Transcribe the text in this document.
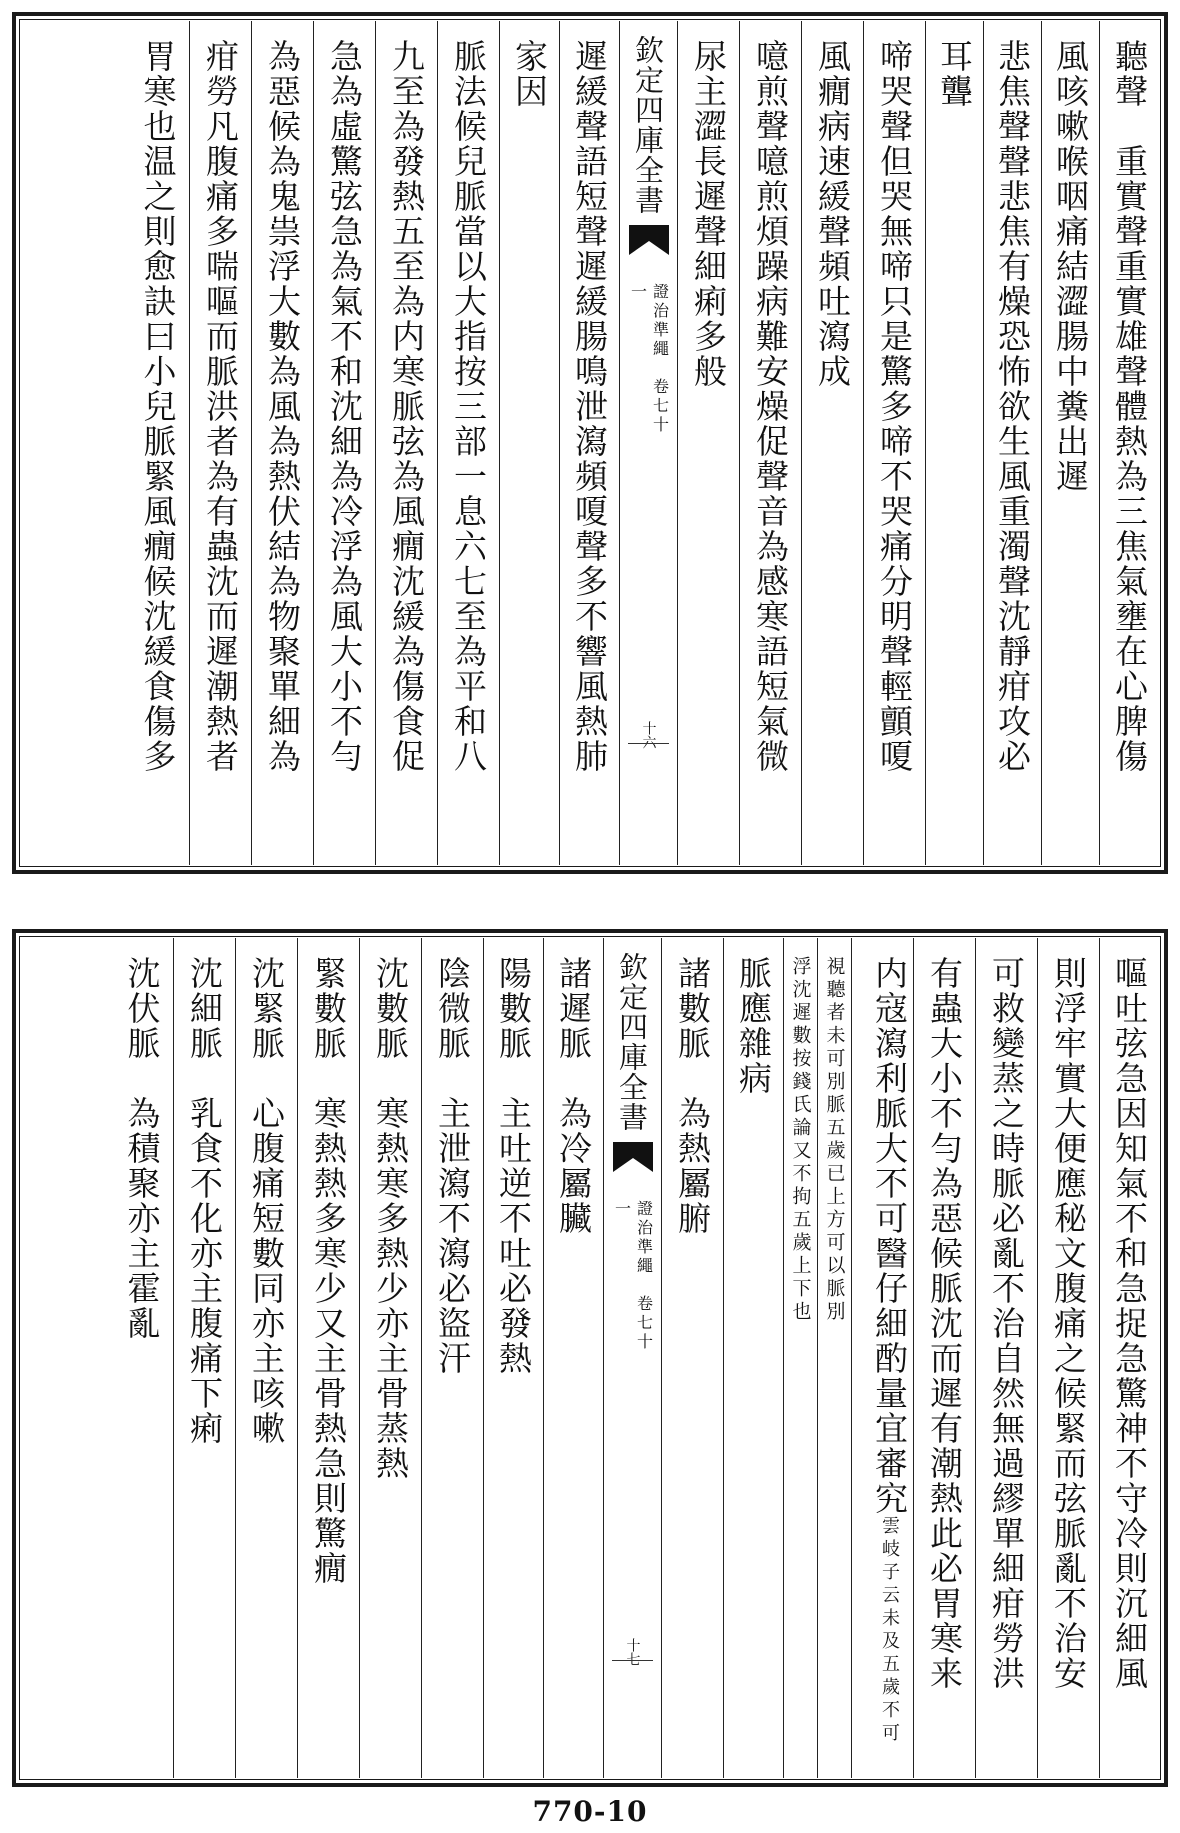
聽聲　重實聲重實雄聲體熱為三焦氣壅在心脾傷
風咳嗽喉咽痛結澀腸中糞出遲
悲焦聲聲悲焦有燥恐怖欲生風重濁聲沈靜疳攻必
耳聾
啼哭聲但哭無啼只是驚多啼不哭痛分明聲輕顫嗄
風癇病速緩聲頻吐瀉成
噫煎聲噫煎煩躁病難安燥促聲音為感寒語短氣微
尿主澀長遲聲細痢多般
欽定四庫全書
證治準繩　卷七十一
十六
遲緩聲語短聲遲緩腸鳴泄瀉頻嗄聲多不響風熱肺
家因
脈法候兒脈當以大指按三部一息六七至為平和八
九至為發熱五至為内寒脈弦為風癇沈緩為傷食促
急為虛驚弦急為氣不和沈細為冷浮為風大小不勻
為惡候為鬼祟浮大數為風為熱伏結為物聚單細為
疳勞凡腹痛多喘嘔而脈洪者為有蟲沈而遲潮熱者
胃寒也温之則愈訣曰小兒脈緊風癇候沈緩食傷多
嘔吐弦急因知氣不和急捉急驚神不守冷則沉細風
則浮牢實大便應秘文腹痛之候緊而弦脈亂不治安
可救變蒸之時脈必亂不治自然無過繆單細疳勞洪
有蟲大小不勻為惡候脈沈而遲有潮熱此必胃寒来
内寇瀉利脈大不可醫仔細酌量宜審究雲岐子云未及五歲不可
視聽者未可別脈五歲已上方可以脈別
浮沈遲數按錢氏論又不拘五歲上下也
脈應雜病
諸數脈　為熱屬腑
欽定四庫全書
證治準繩　卷七十一
十七
諸遲脈　為冷屬臟
陽數脈　主吐逆不吐必發熱
陰微脈　主泄瀉不瀉必盜汗
沈數脈　寒熱寒多熱少亦主骨蒸熱
緊數脈　寒熱熱多寒少又主骨熱急則驚癇
沈緊脈　心腹痛短數同亦主咳嗽
沈細脈　乳食不化亦主腹痛下痢
沈伏脈　為積聚亦主霍亂
770-10
